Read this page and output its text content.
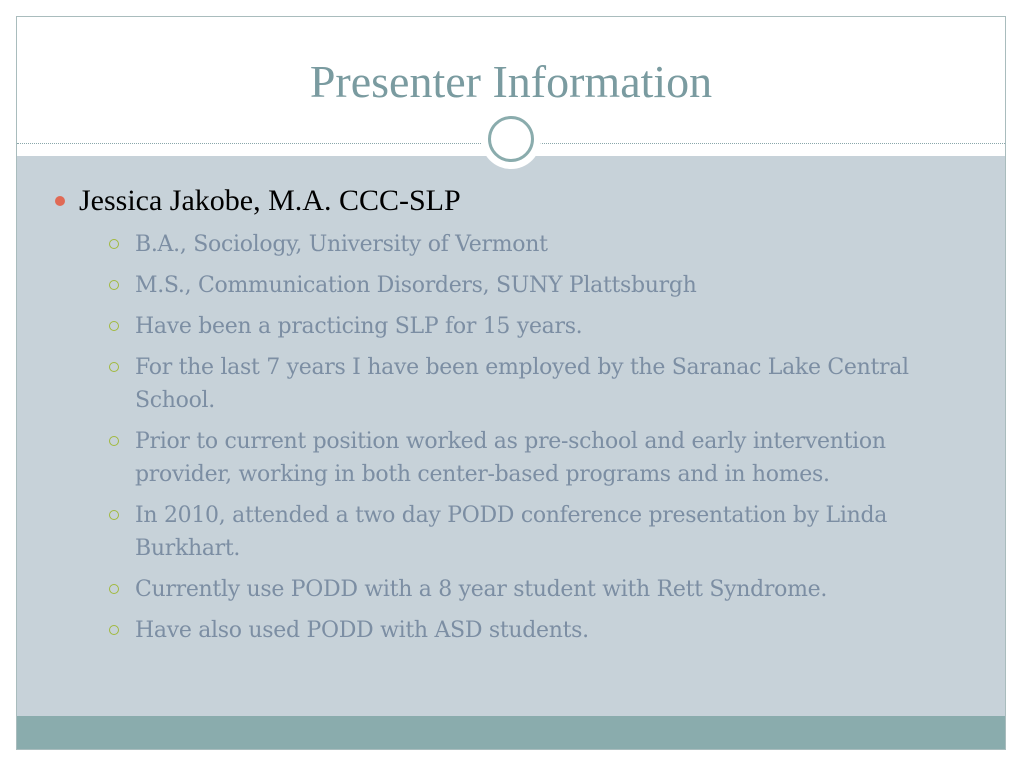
Presenter Information
Jessica Jakobe, M.A. CCC-SLP
B.A., Sociology, University of Vermont
M.S., Communication Disorders, SUNY Plattsburgh
Have been a practicing SLP for 15 years.
For the last 7 years I have been employed by the Saranac Lake Central School.
Prior to current position worked as pre-school and early intervention provider, working in both center-based programs and in homes.
In 2010, attended a two day PODD conference presentation by Linda Burkhart.
Currently use PODD with a 8 year student with Rett Syndrome.
Have also used PODD with ASD students.
